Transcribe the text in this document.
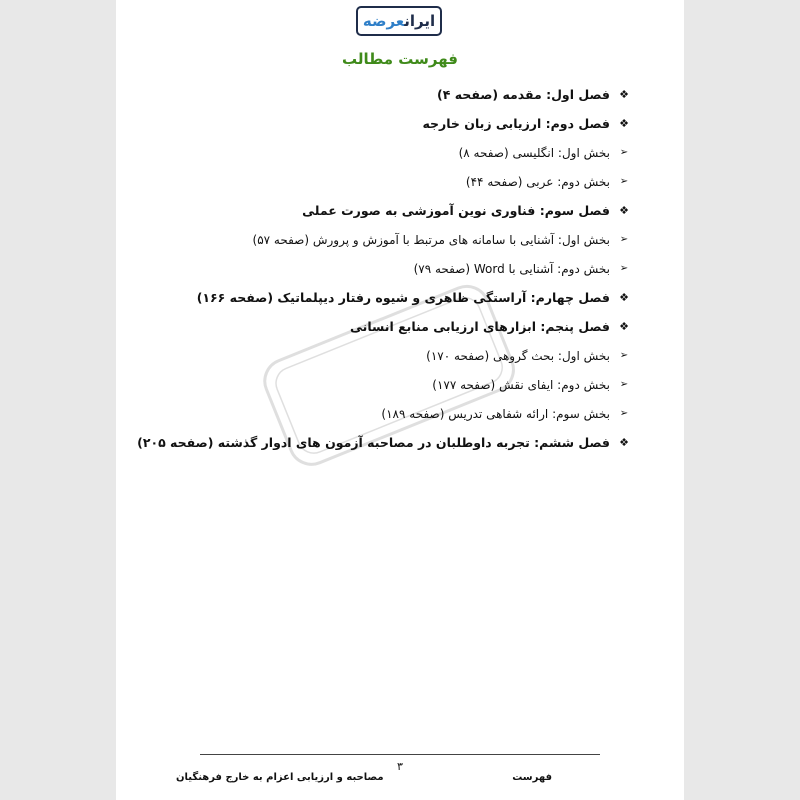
ایرانعرضه
فهرست مطالب
❖
فصل اول: مقدمه (صفحه ۴)
❖
فصل دوم: ارزیابی زبان خارجه
➢
بخش اول: انگلیسی (صفحه ۸)
➢
بخش دوم: عربی (صفحه ۴۴)
❖
فصل سوم: فناوری نوین آموزشی به صورت عملی
➢
بخش اول: آشنایی با سامانه های مرتبط با آموزش و پرورش (صفحه ۵۷)
➢
بخش دوم: آشنایی با Word (صفحه ۷۹)
❖
فصل چهارم: آراستگی ظاهری و شیوه رفتار دیپلماتیک (صفحه ۱۶۶)
❖
فصل پنجم: ابزارهای ارزیابی منابع انسانی
➢
بخش اول: بحث گروهی (صفحه ۱۷۰)
➢
بخش دوم: ایفای نقش (صفحه ۱۷۷)
➢
بخش سوم: ارائه شفاهی تدریس (صفحه ۱۸۹)
❖
فصل ششم: تجربه داوطلبان در مصاحبه آزمون های ادوار گذشته (صفحه ۲۰۵)
۳
فهرست
مصاحبه و ارزیابی اعزام به خارج فرهنگیان
